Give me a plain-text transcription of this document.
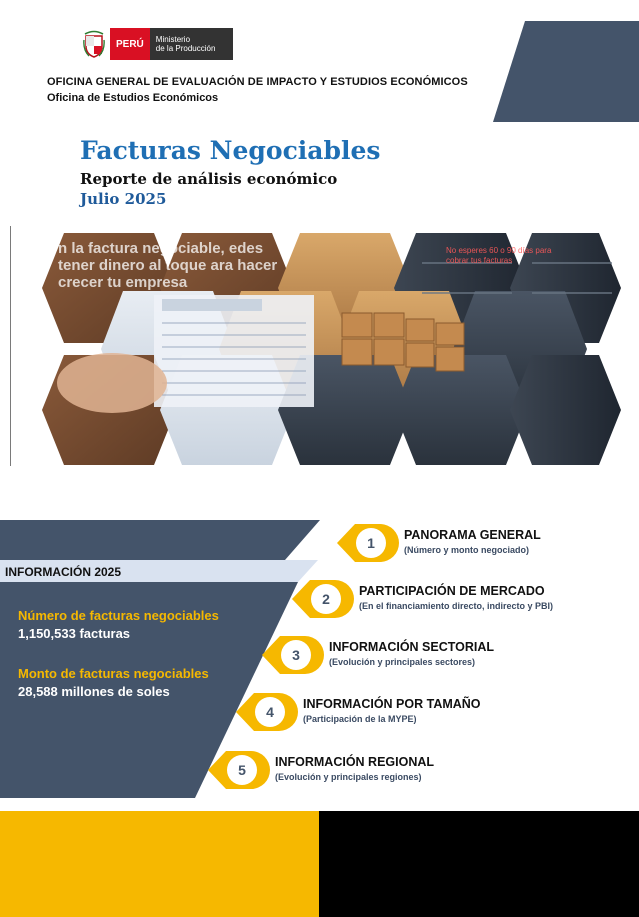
PERÚ	Ministerio
de la Producción
OFICINA GENERAL DE EVALUACIÓN DE IMPACTO Y ESTUDIOS ECONÓMICOS
Oficina de Estudios Económicos
Facturas Negociables
Reporte de análisis económico
Julio 2025
n la factura negociable, edes tener dinero al toque ara hacer crecer tu empresa
No esperes 60 o 90 días para cobrar tus facturas
INFORMACIÓN 2025
Número de facturas negociables
1,150,533 facturas
Monto de facturas negociables
28,588 millones de soles
1 PANORAMA GENERAL
(Número y monto negociado)
2 PARTICIPACIÓN DE MERCADO
(En el financiamiento directo, indirecto y PBI)
3 INFORMACIÓN SECTORIAL
(Evolución y principales sectores)
4 INFORMACIÓN POR TAMAÑO
(Participación de la MYPE)
5 INFORMACIÓN REGIONAL
(Evolución y principales regiones)
